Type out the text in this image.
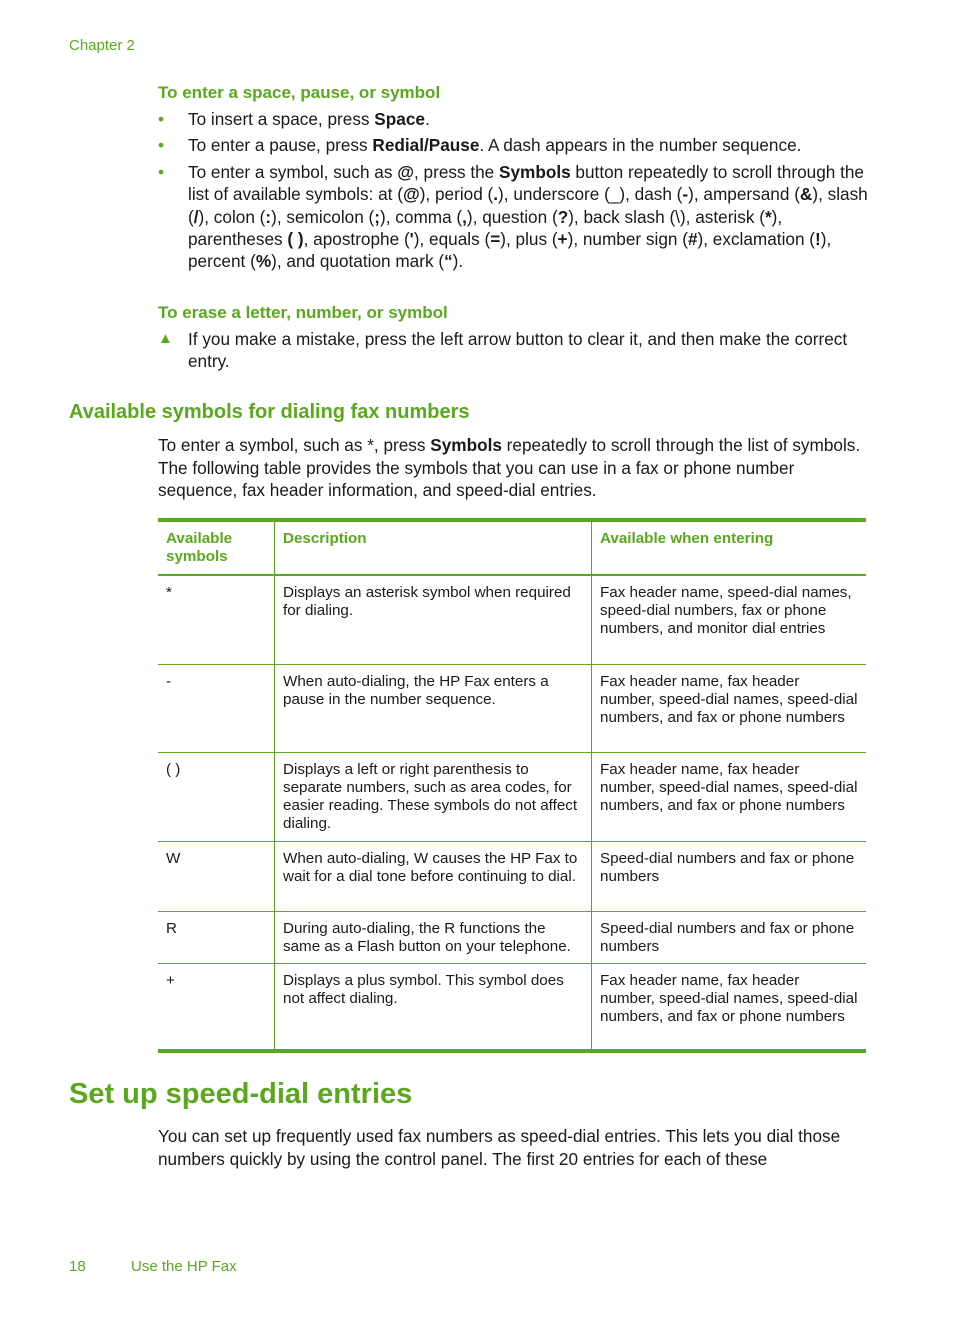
Chapter 2
To enter a space, pause, or symbol
• To insert a space, press Space.
• To enter a pause, press Redial/Pause. A dash appears in the number sequence.
• To enter a symbol, such as @, press the Symbols button repeatedly to scroll through the list of available symbols: at (@), period (.), underscore (_), dash (-), ampersand (&), slash (/), colon (:), semicolon (;), comma (,), question (?), back slash (\), asterisk (*), parentheses ( ), apostrophe ('), equals (=), plus (+), number sign (#), exclamation (!), percent (%), and quotation mark (“).
To erase a letter, number, or symbol
▲ If you make a mistake, press the left arrow button to clear it, and then make the correct entry.
Available symbols for dialing fax numbers
To enter a symbol, such as *, press Symbols repeatedly to scroll through the list of symbols. The following table provides the symbols that you can use in a fax or phone number sequence, fax header information, and speed-dial entries.
Available symbols	Description	Available when entering
*	Displays an asterisk symbol when required for dialing.	Fax header name, speed-dial names, speed-dial numbers, fax or phone numbers, and monitor dial entries
-	When auto-dialing, the HP Fax enters a pause in the number sequence.	Fax header name, fax header number, speed-dial names, speed-dial numbers, and fax or phone numbers
( )	Displays a left or right parenthesis to separate numbers, such as area codes, for easier reading. These symbols do not affect dialing.	Fax header name, fax header number, speed-dial names, speed-dial numbers, and fax or phone numbers
W	When auto-dialing, W causes the HP Fax to wait for a dial tone before continuing to dial.	Speed-dial numbers and fax or phone numbers
R	During auto-dialing, the R functions the same as a Flash button on your telephone.	Speed-dial numbers and fax or phone numbers
+	Displays a plus symbol. This symbol does not affect dialing.	Fax header name, fax header number, speed-dial names, speed-dial numbers, and fax or phone numbers
Set up speed-dial entries
You can set up frequently used fax numbers as speed-dial entries. This lets you dial those numbers quickly by using the control panel. The first 20 entries for each of these
18	Use the HP Fax
